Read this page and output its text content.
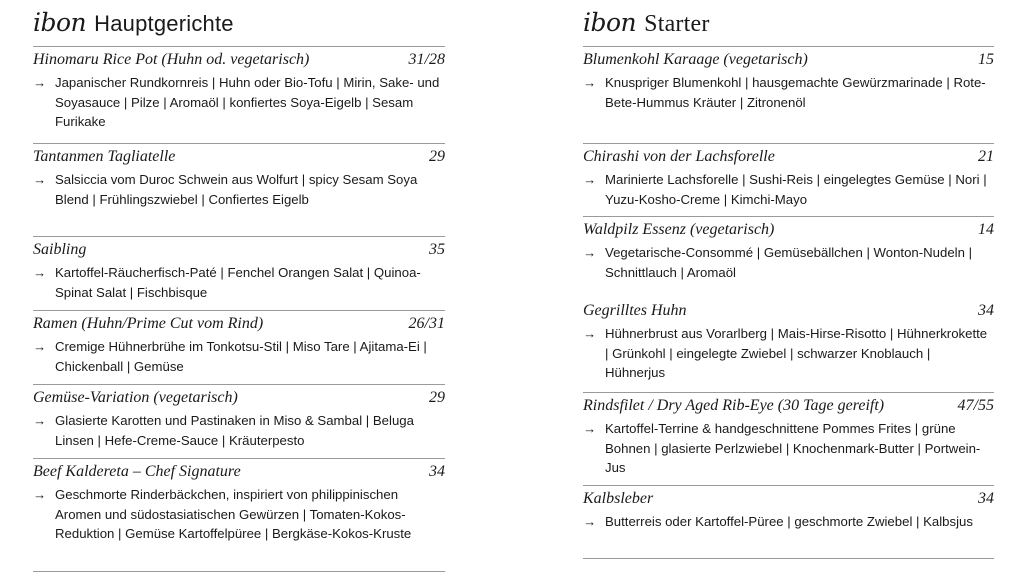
ibon Hauptgerichte
Hinomaru Rice Pot (Huhn od. vegetarisch)	31/28
→ Japanischer Rundkornreis | Huhn oder Bio-Tofu | Mirin, Sake- und Soyasauce | Pilze | Aromaöl | konfiertes Soya-Eigelb | Sesam Furikake
Tantanmen Tagliatelle	29
→ Salsiccia vom Duroc Schwein aus Wolfurt | spicy Sesam Soya Blend | Frühlingszwiebel | Confiertes Eigelb
Saibling	35
→ Kartoffel-Räucherfisch-Paté | Fenchel Orangen Salat | Quinoa-Spinat Salat | Fischbisque
Ramen (Huhn/Prime Cut vom Rind)	26/31
→ Cremige Hühnerbrühe im Tonkotsu-Stil | Miso Tare | Ajitama-Ei | Chickenball | Gemüse
Gemüse-Variation (vegetarisch)	29
→ Glasierte Karotten und Pastinaken in Miso & Sambal | Beluga Linsen | Hefe-Creme-Sauce | Kräuterpesto
Beef Kaldereta – Chef Signature	34
→ Geschmorte Rinderbäckchen, inspiriert von philippinischen Aromen und südostasiatischen Gewürzen | Tomaten-Kokos-Reduktion | Gemüse Kartoffelpüree | Bergkäse-Kokos-Kruste
ibon Starter
Blumenkohl Karaage (vegetarisch)	15
→ Knuspriger Blumenkohl | hausgemachte Gewürzmarinade | Rote-Bete-Hummus Kräuter | Zitronenöl
Chirashi von der Lachsforelle	21
→ Marinierte Lachsforelle | Sushi-Reis | eingelegtes Gemüse | Nori | Yuzu-Kosho-Creme | Kimchi-Mayo
Waldpilz Essenz (vegetarisch)	14
→ Vegetarische-Consommé | Gemüsebällchen | Wonton-Nudeln | Schnittlauch | Aromaöl
Gegrilltes Huhn	34
→ Hühnerbrust aus Vorarlberg | Mais-Hirse-Risotto | Hühnerkrokette | Grünkohl | eingelegte Zwiebel | schwarzer Knoblauch | Hühnerjus
Rindsfilet / Dry Aged Rib-Eye (30 Tage gereift)	47/55
→ Kartoffel-Terrine & handgeschnittene Pommes Frites | grüne Bohnen | glasierte Perlzwiebel | Knochenmark-Butter | Portwein-Jus
Kalbsleber	34
→ Butterreis oder Kartoffel-Püree | geschmorte Zwiebel | Kalbsjus
